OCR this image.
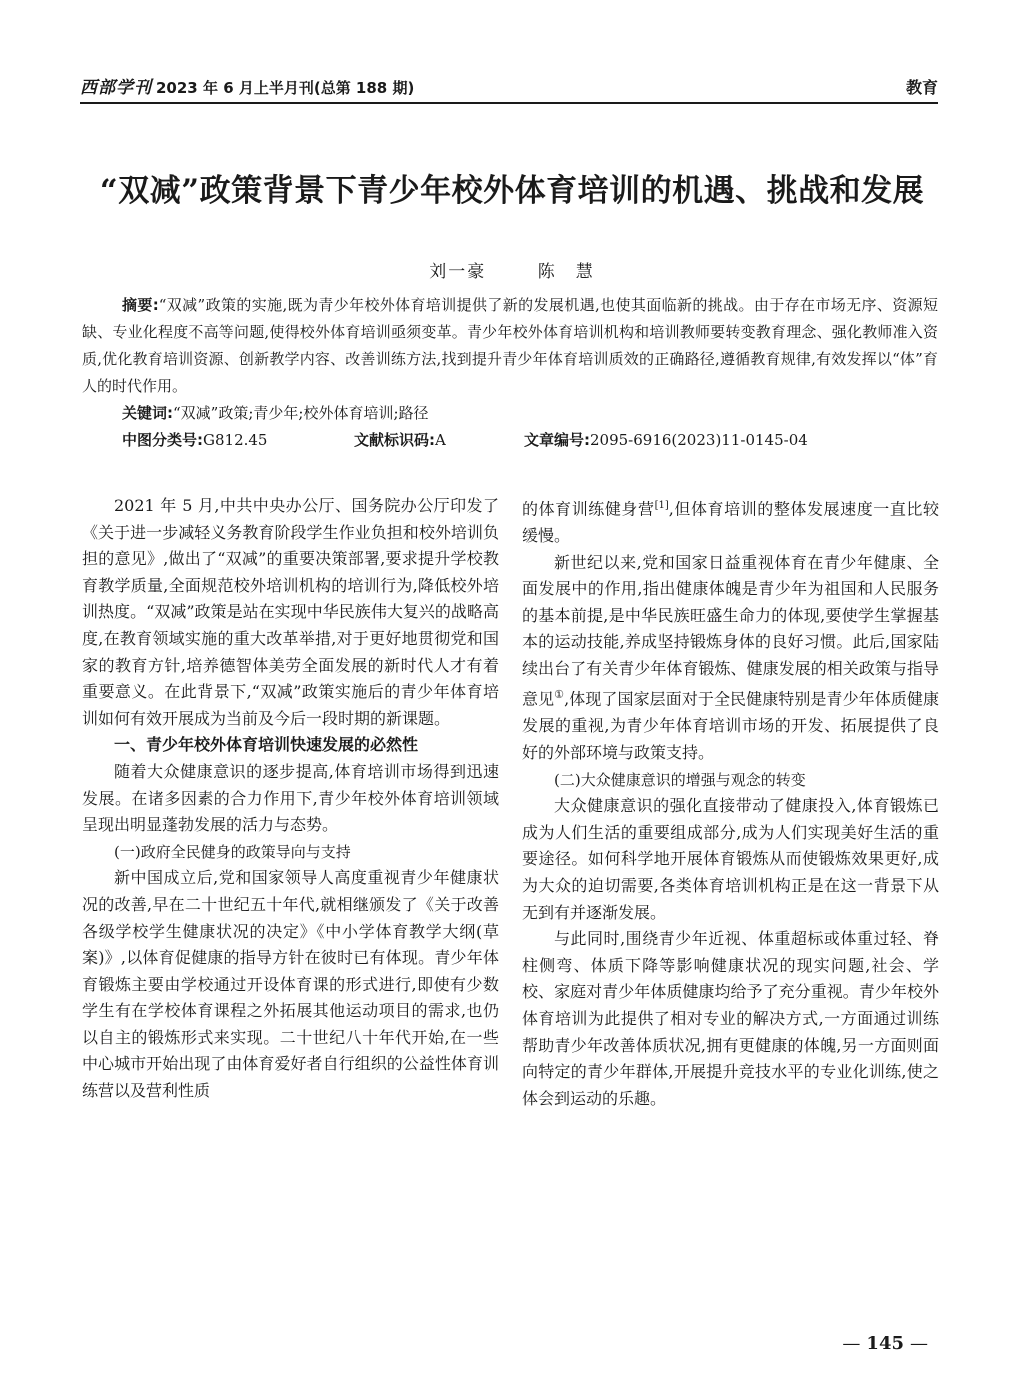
西部学刊 2023 年 6 月上半月刊(总第 188 期)	教育
“双减”政策背景下青少年校外体育培训的机遇、挑战和发展
刘一豪	陈　慧

摘要:“双减”政策的实施,既为青少年校外体育培训提供了新的发展机遇,也使其面临新的挑战。由于存在市场无序、资源短缺、专业化程度不高等问题,使得校外体育培训亟须变革。青少年校外体育培训机构和培训教师要转变教育理念、强化教师准入资质,优化教育培训资源、创新教学内容、改善训练方法,找到提升青少年体育培训质效的正确路径,遵循教育规律,有效发挥以“体”育人的时代作用。

关键词:“双减”政策;青少年;校外体育培训;路径

中图分类号:G812.45	文献标识码:A	文章编号:2095-6916(2023)11-0145-04

2021 年 5 月,中共中央办公厅、国务院办公厅印发了《关于进一步减轻义务教育阶段学生作业负担和校外培训负担的意见》,做出了“双减”的重要决策部署,要求提升学校教育教学质量,全面规范校外培训机构的培训行为,降低校外培训热度。“双减”政策是站在实现中华民族伟大复兴的战略高度,在教育领域实施的重大改革举措,对于更好地贯彻党和国家的教育方针,培养德智体美劳全面发展的新时代人才有着重要意义。在此背景下,“双减”政策实施后的青少年体育培训如何有效开展成为当前及今后一段时期的新课题。

一、青少年校外体育培训快速发展的必然性

随着大众健康意识的逐步提高,体育培训市场得到迅速发展。在诸多因素的合力作用下,青少年校外体育培训领域呈现出明显蓬勃发展的活力与态势。

(一)政府全民健身的政策导向与支持

新中国成立后,党和国家领导人高度重视青少年健康状况的改善,早在二十世纪五十年代,就相继颁发了《关于改善各级学校学生健康状况的决定》《中小学体育教学大纲(草案)》,以体育促健康的指导方针在彼时已有体现。青少年体育锻炼主要由学校通过开设体育课的形式进行,即使有少数学生有在学校体育课程之外拓展其他运动项目的需求,也仍以自主的锻炼形式来实现。二十世纪八十年代开始,在一些中心城市开始出现了由体育爱好者自行组织的公益性体育训练营以及营利性质

的体育训练健身营[1],但体育培训的整体发展速度一直比较缓慢。

新世纪以来,党和国家日益重视体育在青少年健康、全面发展中的作用,指出健康体魄是青少年为祖国和人民服务的基本前提,是中华民族旺盛生命力的体现,要使学生掌握基本的运动技能,养成坚持锻炼身体的良好习惯。此后,国家陆续出台了有关青少年体育锻炼、健康发展的相关政策与指导意见①,体现了国家层面对于全民健康特别是青少年体质健康发展的重视,为青少年体育培训市场的开发、拓展提供了良好的外部环境与政策支持。

(二)大众健康意识的增强与观念的转变

大众健康意识的强化直接带动了健康投入,体育锻炼已成为人们生活的重要组成部分,成为人们实现美好生活的重要途径。如何科学地开展体育锻炼从而使锻炼效果更好,成为大众的迫切需要,各类体育培训机构正是在这一背景下从无到有并逐渐发展。

与此同时,围绕青少年近视、体重超标或体重过轻、脊柱侧弯、体质下降等影响健康状况的现实问题,社会、学校、家庭对青少年体质健康均给予了充分重视。青少年校外体育培训为此提供了相对专业的解决方式,一方面通过训练帮助青少年改善体质状况,拥有更健康的体魄,另一方面则面向特定的青少年群体,开展提升竞技水平的专业化训练,使之体会到运动的乐趣。

— 145 —
